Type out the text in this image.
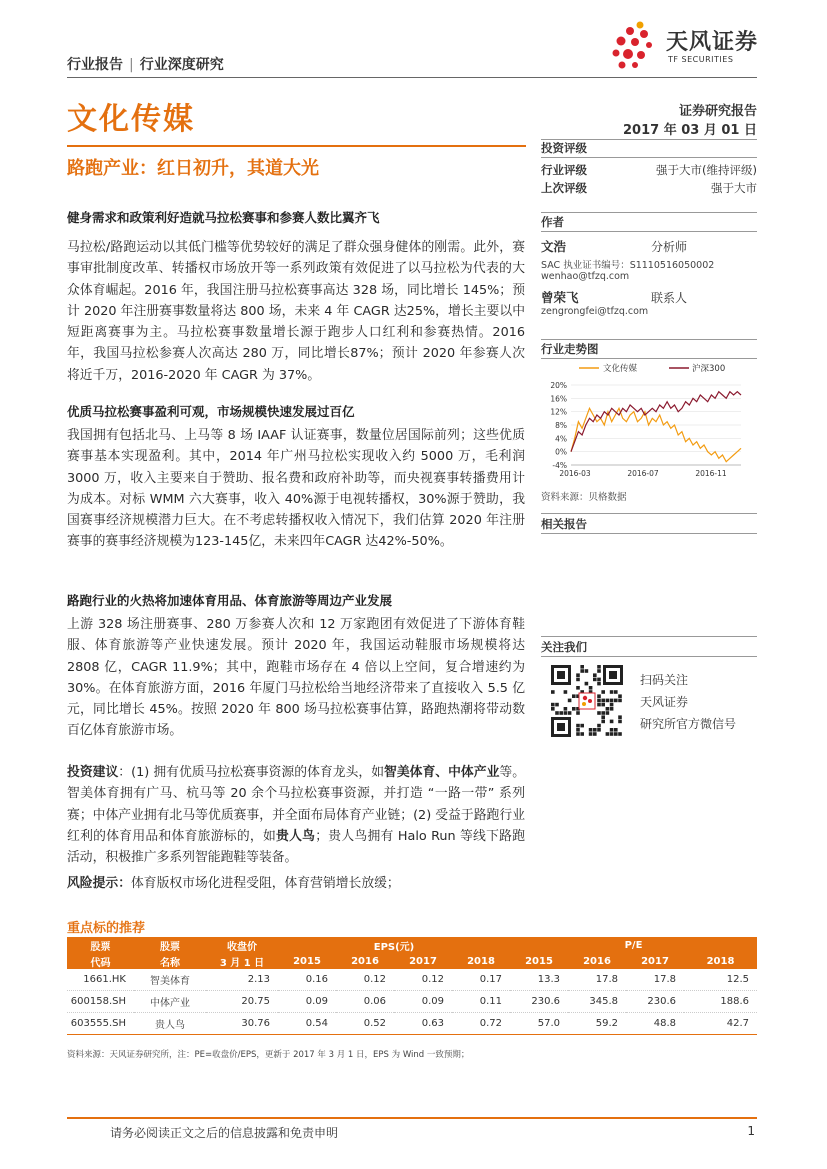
行业报告 | 行业深度研究
天风证券
TF SECURITIES
文化传媒	证券研究报告
2017 年 03 月 01 日
路跑产业：红日初升，其道大光
健身需求和政策利好造就马拉松赛事和参赛人数比翼齐飞
马拉松/路跑运动以其低门槛等优势较好的满足了群众强身健体的刚需。此外，赛事审批制度改革、转播权市场放开等一系列政策有效促进了以马拉松为代表的大众体育崛起。2016 年，我国注册马拉松赛事高达 328 场，同比增长 145%；预计 2020 年注册赛事数量将达 800 场，未来 4 年 CAGR 达25%，增长主要以中短距离赛事为主。马拉松赛事数量增长源于跑步人口红利和参赛热情。2016 年，我国马拉松参赛人次高达 280 万，同比增长87%；预计 2020 年参赛人次将近千万，2016-2020 年 CAGR 为 37%。
优质马拉松赛事盈利可观，市场规模快速发展过百亿
我国拥有包括北马、上马等 8 场 IAAF 认证赛事，数量位居国际前列；这些优质赛事基本实现盈利。其中，2014 年广州马拉松实现收入约 5000 万，毛利润 3000 万，收入主要来自于赞助、报名费和政府补助等，而央视赛事转播费用计为成本。对标 WMM 六大赛事，收入 40%源于电视转播权，30%源于赞助，我国赛事经济规模潜力巨大。在不考虑转播权收入情况下，我们估算 2020 年注册赛事的赛事经济规模为123-145亿，未来四年CAGR 达42%-50%。
路跑行业的火热将加速体育用品、体育旅游等周边产业发展
上游 328 场注册赛事、280 万参赛人次和 12 万家跑团有效促进了下游体育鞋服、体育旅游等产业快速发展。预计 2020 年，我国运动鞋服市场规模将达 2808 亿，CAGR 11.9%；其中，跑鞋市场存在 4 倍以上空间，复合增速约为 30%。在体育旅游方面，2016 年厦门马拉松给当地经济带来了直接收入 5.5 亿元，同比增长 45%。按照 2020 年 800 场马拉松赛事估算，路跑热潮将带动数百亿体育旅游市场。
投资建议：(1) 拥有优质马拉松赛事资源的体育龙头，如智美体育、中体产业等。智美体育拥有广马、杭马等 20 余个马拉松赛事资源，并打造 “一路一带” 系列赛；中体产业拥有北马等优质赛事，并全面布局体育产业链；(2) 受益于路跑行业红利的体育用品和体育旅游标的，如贵人鸟；贵人鸟拥有 Halo Run 等线下路跑活动，积极推广多系列智能跑鞋等装备。
风险提示：体育版权市场化进程受阻，体育营销增长放缓；
投资评级
行业评级	强于大市(维持评级)
上次评级	强于大市
作者
文浩	分析师
SAC 执业证书编号：S1110516050002
wenhao@tfzq.com
曾荣飞	联系人
zengrongfei@tfzq.com
行业走势图
文化传媒	沪深300
20%
16%
12%
8%
4%
0%
-4%
2016-03	2016-07	2016-11
资料来源：贝格数据
相关报告
关注我们
扫码关注
天风证券
研究所官方微信号
重点标的推荐
股票	股票	收盘价	EPS(元)				P/E			
代码	名称	3 月 1 日	2015	2016	2017	2018	2015	2016	2017	2018
1661.HK	智美体育	2.13	0.16	0.12	0.12	0.17	13.3	17.8	17.8	12.5
600158.SH	中体产业	20.75	0.09	0.06	0.09	0.11	230.6	345.8	230.6	188.6
603555.SH	贵人鸟	30.76	0.54	0.52	0.63	0.72	57.0	59.2	48.8	42.7
资料来源：天风证券研究所，注：PE=收盘价/EPS，更新于 2017 年 3 月 1 日，EPS 为 Wind 一致预期；
请务必阅读正文之后的信息披露和免责申明	1
